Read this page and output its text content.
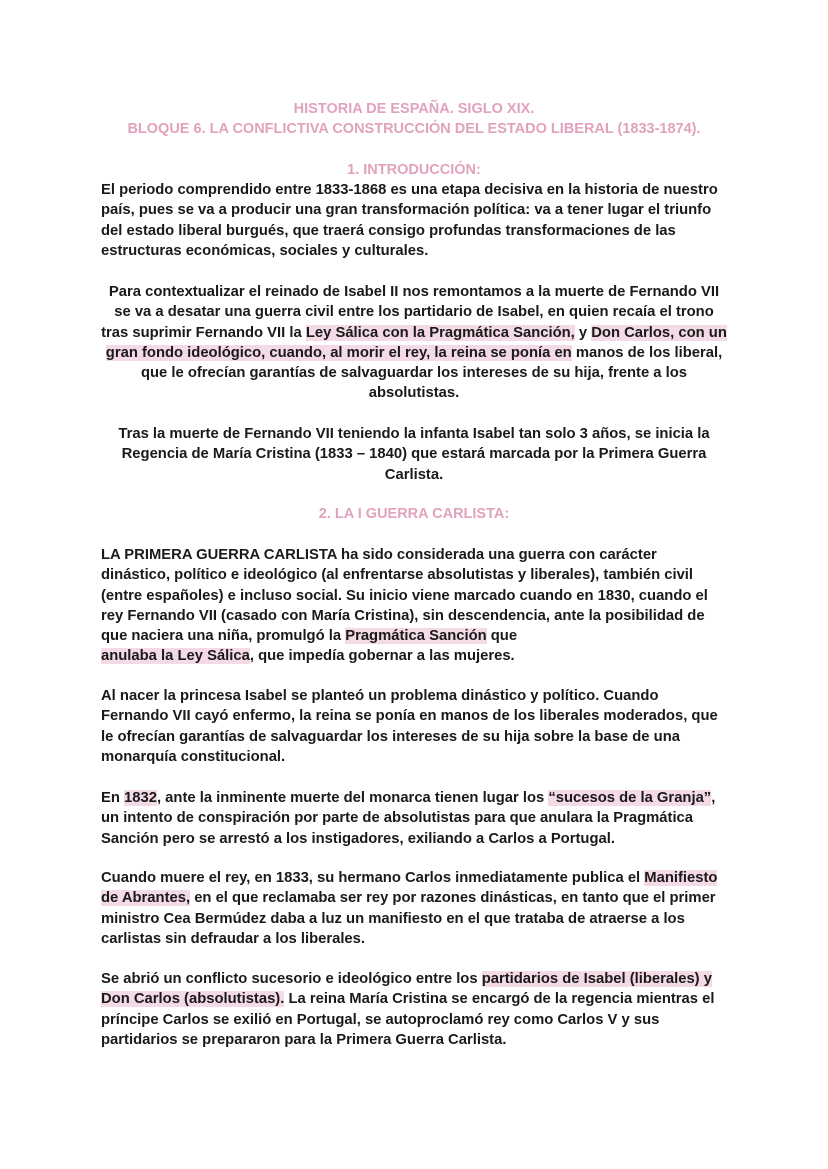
HISTORIA DE ESPAÑA. SIGLO XIX.

BLOQUE 6. LA CONFLICTIVA CONSTRUCCIÓN DEL ESTADO LIBERAL (1833-1874).

1. INTRODUCCIÓN:

El periodo comprendido entre 1833-1868 es una etapa decisiva en la historia de nuestro país, pues se va a producir una gran transformación política: va a tener lugar el triunfo del estado liberal burgués, que traerá consigo profundas transformaciones de las estructuras económicas, sociales y culturales.

Para contextualizar el reinado de Isabel II nos remontamos a la muerte de Fernando VII se va a desatar una guerra civil entre los partidario de Isabel, en quien recaía el trono tras suprimir Fernando VII la Ley Sálica con la Pragmática Sanción, y Don Carlos, con un gran fondo ideológico, cuando, al morir el rey, la reina se ponía en manos de los liberal, que le ofrecían garantías de salvaguardar los intereses de su hija, frente a los absolutistas.

Tras la muerte de Fernando VII teniendo la infanta Isabel tan solo 3 años, se inicia la Regencia de María Cristina (1833 – 1840) que estará marcada por la Primera Guerra Carlista.

2. LA I GUERRA CARLISTA:

LA PRIMERA GUERRA CARLISTA ha sido considerada una guerra con carácter dinástico, político e ideológico (al enfrentarse absolutistas y liberales), también civil (entre españoles) e incluso social. Su inicio viene marcado cuando en 1830, cuando el rey Fernando VII (casado con María Cristina), sin descendencia, ante la posibilidad de que naciera una niña, promulgó la Pragmática Sanción que
anulaba la Ley Sálica, que impedía gobernar a las mujeres.

Al nacer la princesa Isabel se planteó un problema dinástico y político. Cuando Fernando VII cayó enfermo, la reina se ponía en manos de los liberales moderados, que le ofrecían garantías de salvaguardar los intereses de su hija sobre la base de una monarquía constitucional.

En 1832, ante la inminente muerte del monarca tienen lugar los “sucesos de la Granja”, un intento de conspiración por parte de absolutistas para que anulara la Pragmática Sanción pero se arrestó a los instigadores, exiliando a Carlos a Portugal.

Cuando muere el rey, en 1833, su hermano Carlos inmediatamente publica el Manifiesto de Abrantes, en el que reclamaba ser rey por razones dinásticas, en tanto que el primer ministro Cea Bermúdez daba a luz un manifiesto en el que trataba de atraerse a los carlistas sin defraudar a los liberales.

Se abrió un conflicto sucesorio e ideológico entre los partidarios de Isabel (liberales) y Don Carlos (absolutistas). La reina María Cristina se encargó de la regencia mientras el príncipe Carlos se exilió en Portugal, se autoproclamó rey como Carlos V y sus partidarios se prepararon para la Primera Guerra Carlista.
